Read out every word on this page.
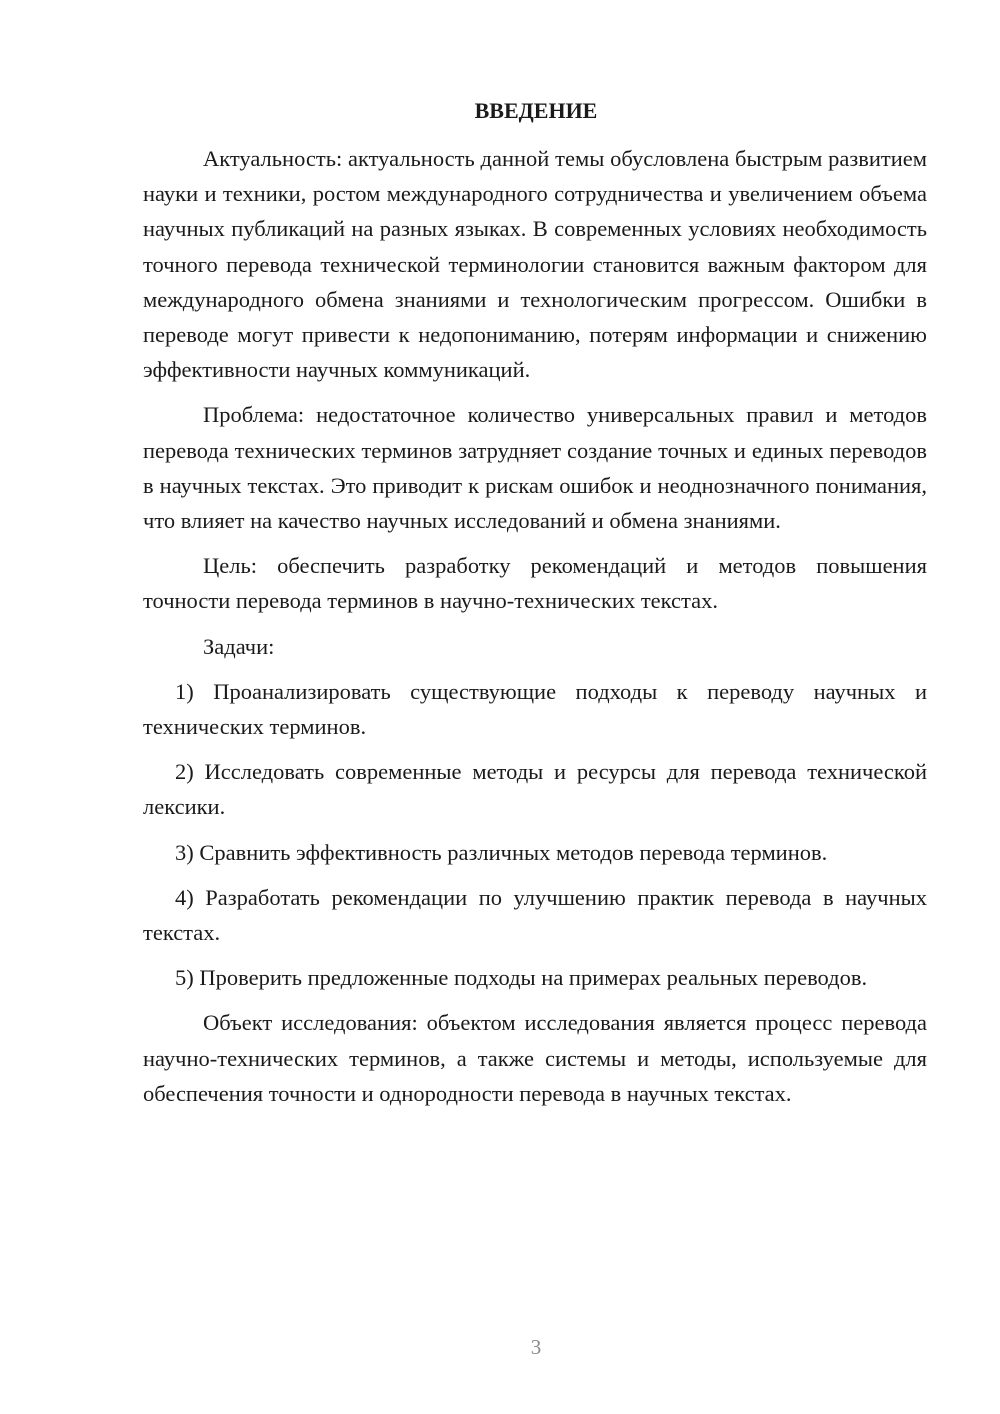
ВВЕДЕНИЕ

Актуальность: актуальность данной темы обусловлена быстрым развитием науки и техники, ростом международного сотрудничества и увеличением объема научных публикаций на разных языках. В современных условиях необходимость точного перевода технической терминологии становится важным фактором для международного обмена знаниями и технологическим прогрессом. Ошибки в переводе могут привести к недопониманию, потерям информации и снижению эффективности научных коммуникаций.

Проблема: недостаточное количество универсальных правил и методов перевода технических терминов затрудняет создание точных и единых переводов в научных текстах. Это приводит к рискам ошибок и неоднозначного понимания, что влияет на качество научных исследований и обмена знаниями.

Цель: обеспечить разработку рекомендаций и методов повышения точности перевода терминов в научно-технических текстах.

Задачи:

1) Проанализировать существующие подходы к переводу научных и технических терминов.

2) Исследовать современные методы и ресурсы для перевода технической лексики.

3) Сравнить эффективность различных методов перевода терминов.

4) Разработать рекомендации по улучшению практик перевода в научных текстах.

5) Проверить предложенные подходы на примерах реальных переводов.

Объект исследования: объектом исследования является процесс перевода научно-технических терминов, а также системы и методы, используемые для обеспечения точности и однородности перевода в научных текстах.

3
